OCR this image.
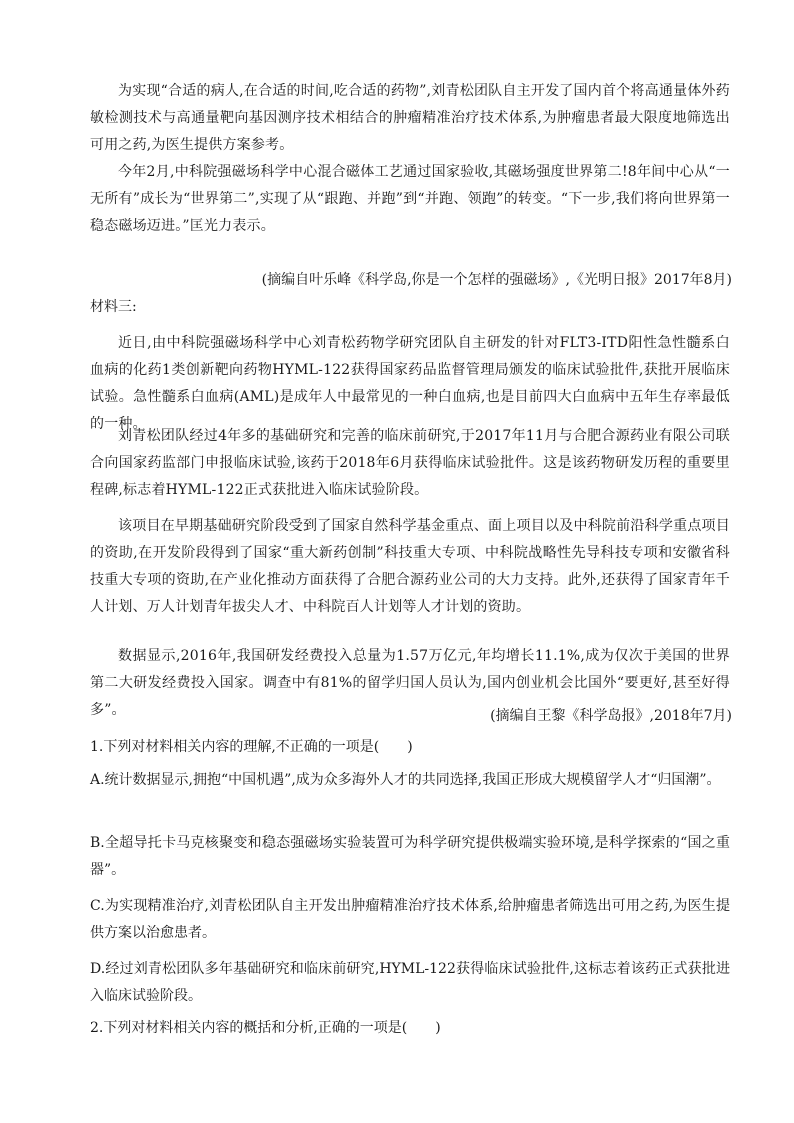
为实现“合适的病人,在合适的时间,吃合适的药物”,刘青松团队自主开发了国内首个将高通量体外药敏检测技术与高通量靶向基因测序技术相结合的肿瘤精准治疗技术体系,为肿瘤患者最大限度地筛选出可用之药,为医生提供方案参考。

今年2月,中科院强磁场科学中心混合磁体工艺通过国家验收,其磁场强度世界第二!8年间中心从“一无所有”成长为“世界第二”,实现了从“跟跑、并跑”到“并跑、领跑”的转变。“下一步,我们将向世界第一稳态磁场迈进。”匡光力表示。

(摘编自叶乐峰《科学岛,你是一个怎样的强磁场》,《光明日报》2017年8月)

材料三:

近日,由中科院强磁场科学中心刘青松药物学研究团队自主研发的针对FLT3-ITD阳性急性髓系白血病的化药1类创新靶向药物HYML-122获得国家药品监督管理局颁发的临床试验批件,获批开展临床试验。急性髓系白血病(AML)是成年人中最常见的一种白血病,也是目前四大白血病中五年生存率最低的一种。

刘青松团队经过4年多的基础研究和完善的临床前研究,于2017年11月与合肥合源药业有限公司联合向国家药监部门申报临床试验,该药于2018年6月获得临床试验批件。这是该药物研发历程的重要里程碑,标志着HYML-122正式获批进入临床试验阶段。

该项目在早期基础研究阶段受到了国家自然科学基金重点、面上项目以及中科院前沿科学重点项目的资助,在开发阶段得到了国家“重大新药创制”科技重大专项、中科院战略性先导科技专项和安徽省科技重大专项的资助,在产业化推动方面获得了合肥合源药业公司的大力支持。此外,还获得了国家青年千人计划、万人计划青年拔尖人才、中科院百人计划等人才计划的资助。

数据显示,2016年,我国研发经费投入总量为1.57万亿元,年均增长11.1%,成为仅次于美国的世界第二大研发经费投入国家。调查中有81%的留学归国人员认为,国内创业机会比国外“要更好,甚至好得多”。	(摘编自王黎《科学岛报》,2018年7月)

1.下列对材料相关内容的理解,不正确的一项是(　　)

A.统计数据显示,拥抱“中国机遇”,成为众多海外人才的共同选择,我国正形成大规模留学人才“归国潮”。

B.全超导托卡马克核聚变和稳态强磁场实验装置可为科学研究提供极端实验环境,是科学探索的“国之重器”。

C.为实现精准治疗,刘青松团队自主开发出肿瘤精准治疗技术体系,给肿瘤患者筛选出可用之药,为医生提供方案以治愈患者。

D.经过刘青松团队多年基础研究和临床前研究,HYML-122获得临床试验批件,这标志着该药正式获批进入临床试验阶段。

2.下列对材料相关内容的概括和分析,正确的一项是(　　)
